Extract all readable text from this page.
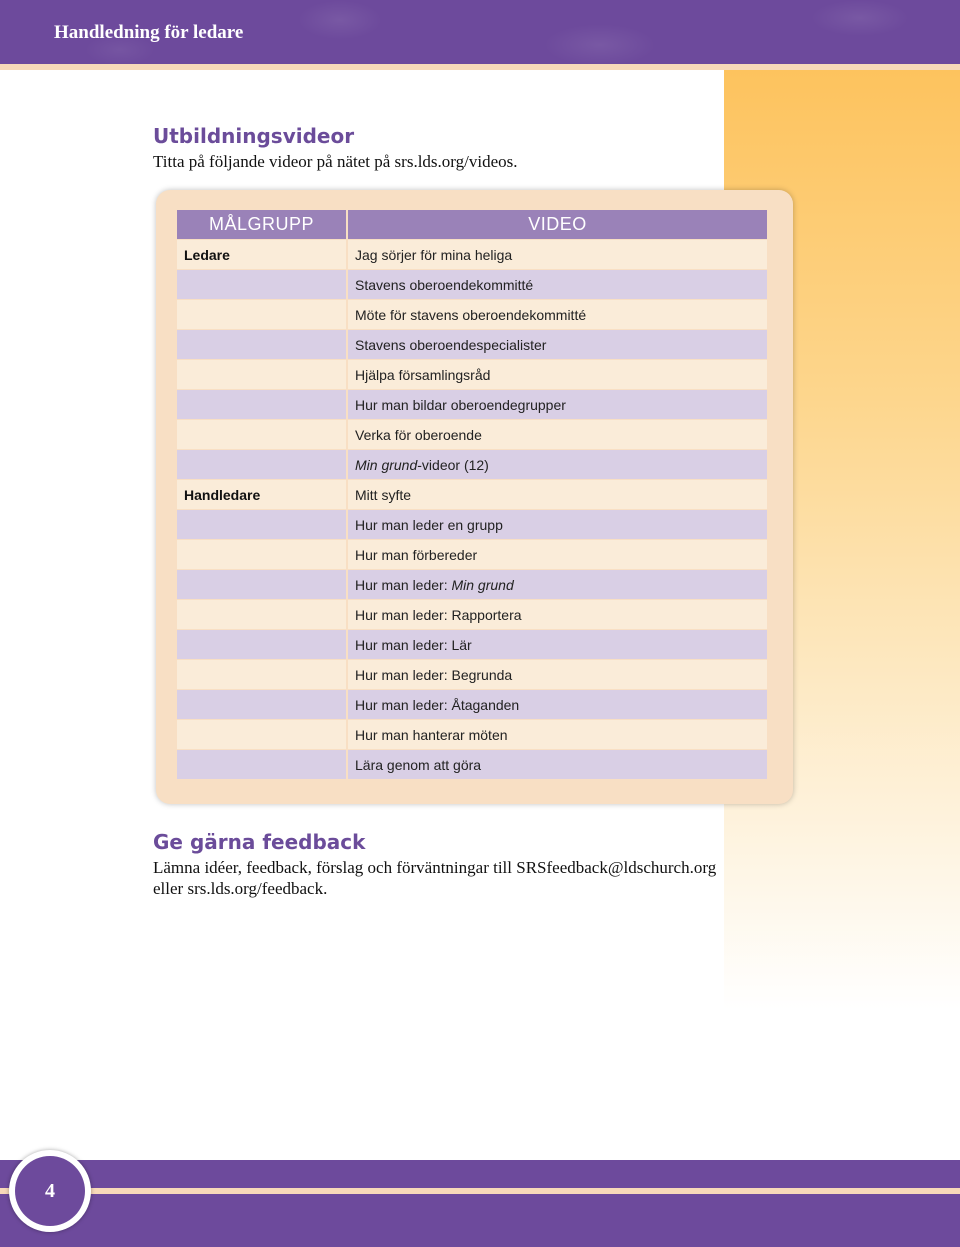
Handledning för ledare
Utbildningsvideor
Titta på följande videor på nätet på srs.lds.org/videos.
MÅLGRUPP	VIDEO
Ledare	Jag sörjer för mina heliga
	Stavens oberoendekommitté
	Möte för stavens oberoendekommitté
	Stavens oberoendespecialister
	Hjälpa församlingsråd
	Hur man bildar oberoendegrupper
	Verka för oberoende
	Min grund-videor (12)
Handledare	Mitt syfte
	Hur man leder en grupp
	Hur man förbereder
	Hur man leder: Min grund
	Hur man leder: Rapportera
	Hur man leder: Lär
	Hur man leder: Begrunda
	Hur man leder: Åtaganden
	Hur man hanterar möten
	Lära genom att göra
Ge gärna feedback
Lämna idéer, feedback, förslag och förväntningar till SRSfeedback@ldschurch.org
eller srs.lds.org/feedback.
4
